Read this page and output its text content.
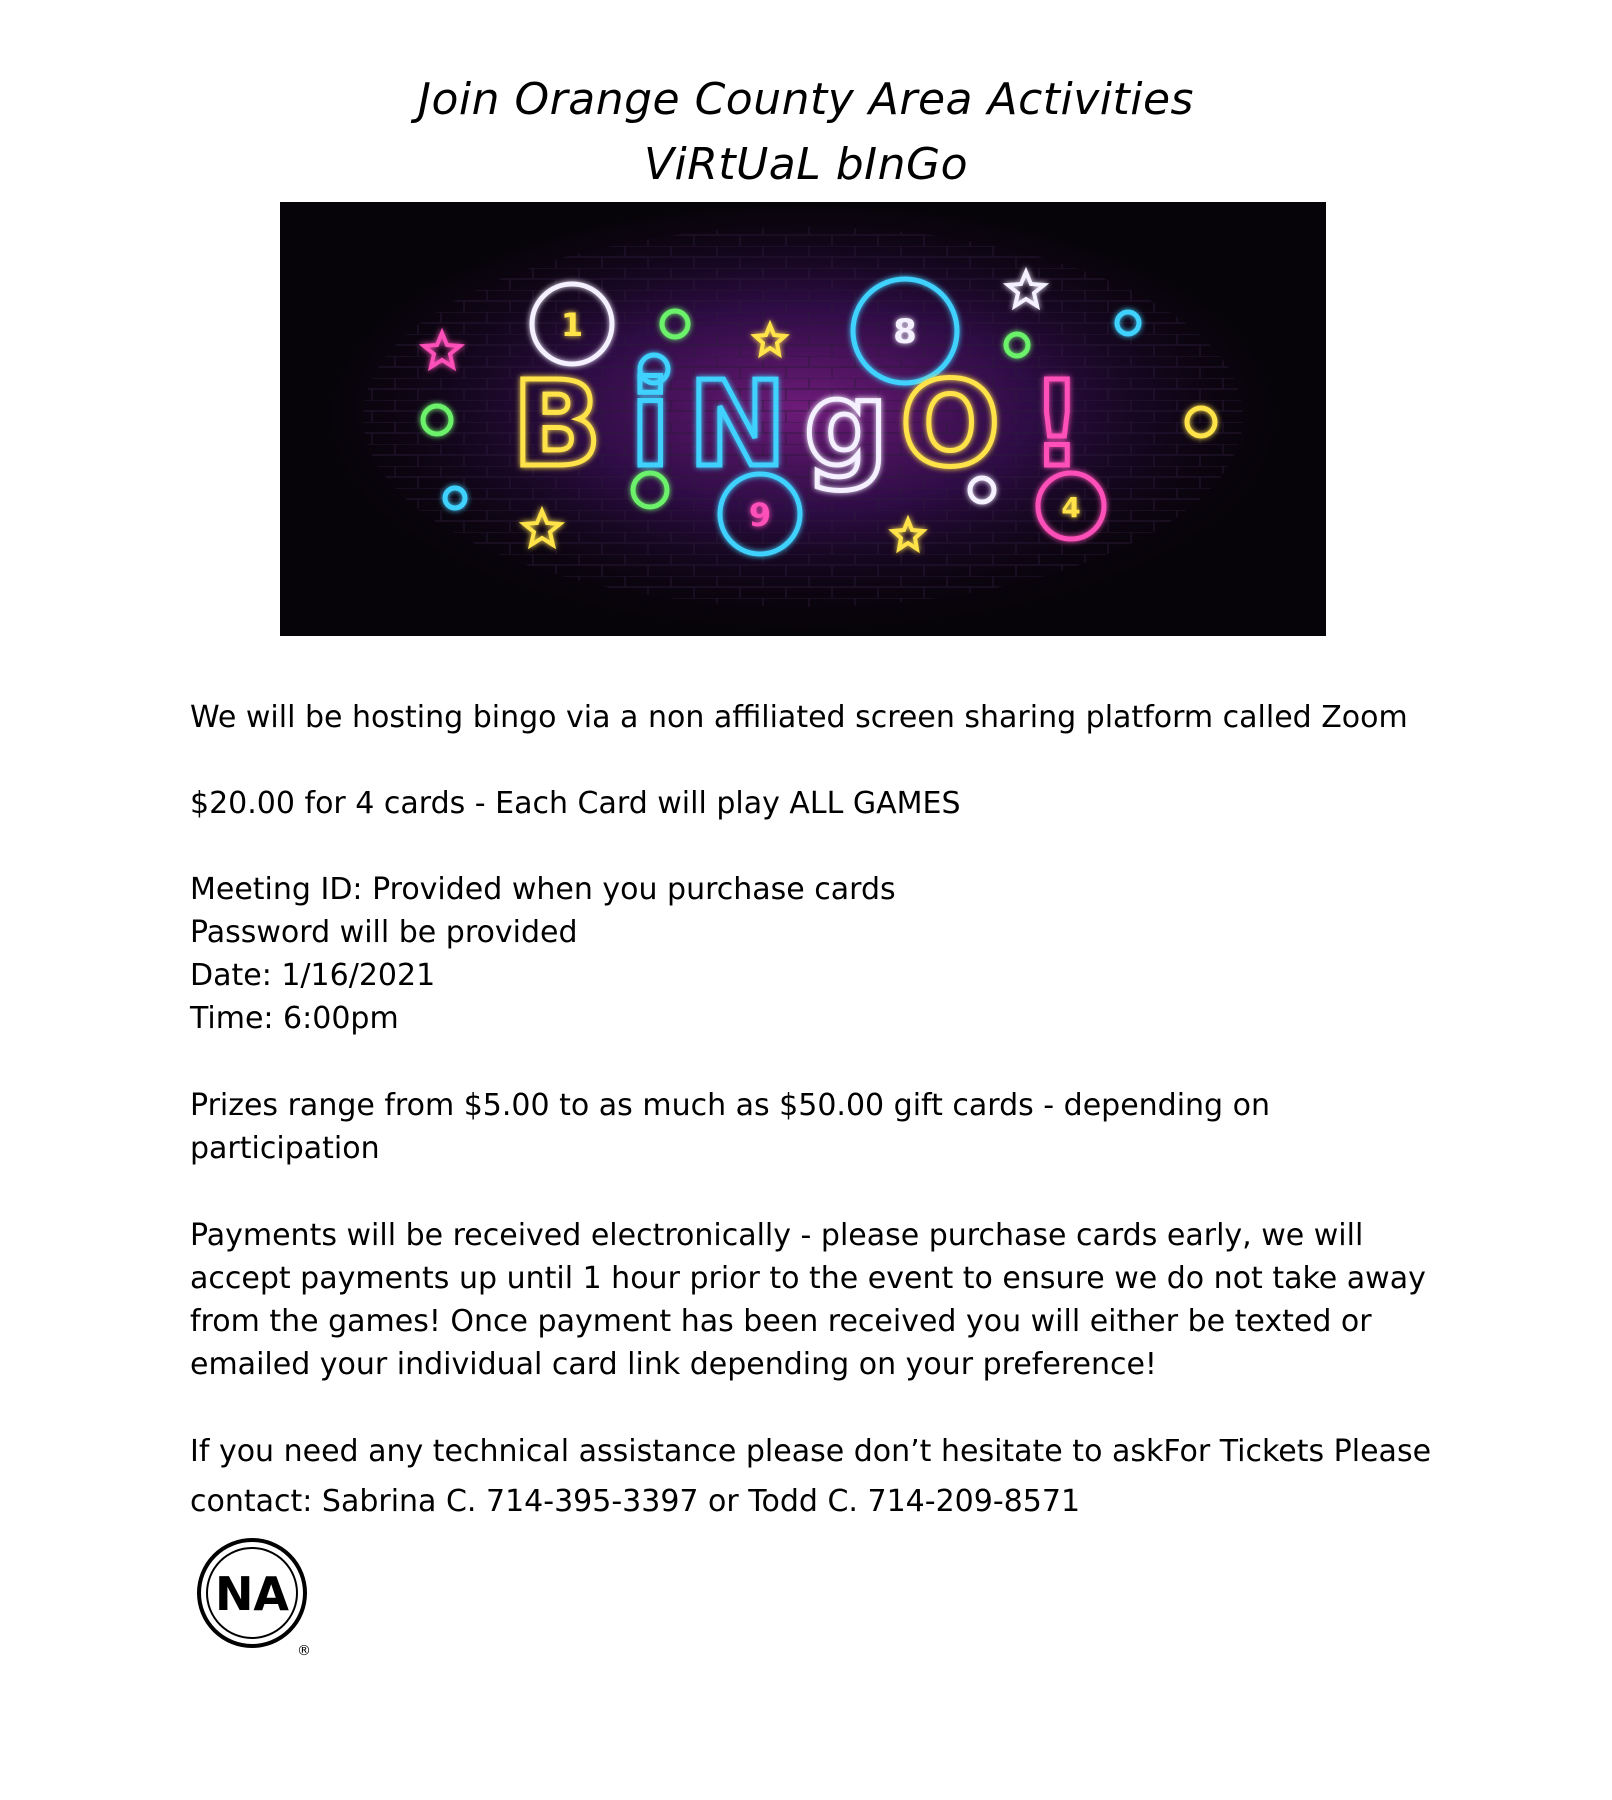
Join Orange County Area Activities
ViRtUaL bInGo
1	8
9	4
B i N g O !
We will be hosting bingo via a non affiliated screen sharing platform called Zoom
$20.00 for 4 cards - Each Card will play ALL GAMES
Meeting ID: Provided when you purchase cards
Password will be provided
Date: 1/16/2021
Time: 6:00pm
Prizes range from $5.00 to as much as $50.00 gift cards - depending on
participation
Payments will be received electronically - please purchase cards early, we will
accept payments up until 1 hour prior to the event to ensure we do not take away
from the games! Once payment has been received you will either be texted or
emailed your individual card link depending on your preference!
If you need any technical assistance please don’t hesitate to askFor Tickets Please
contact: Sabrina C. 714-395-3397 or Todd C. 714-209-8571
NA
®
